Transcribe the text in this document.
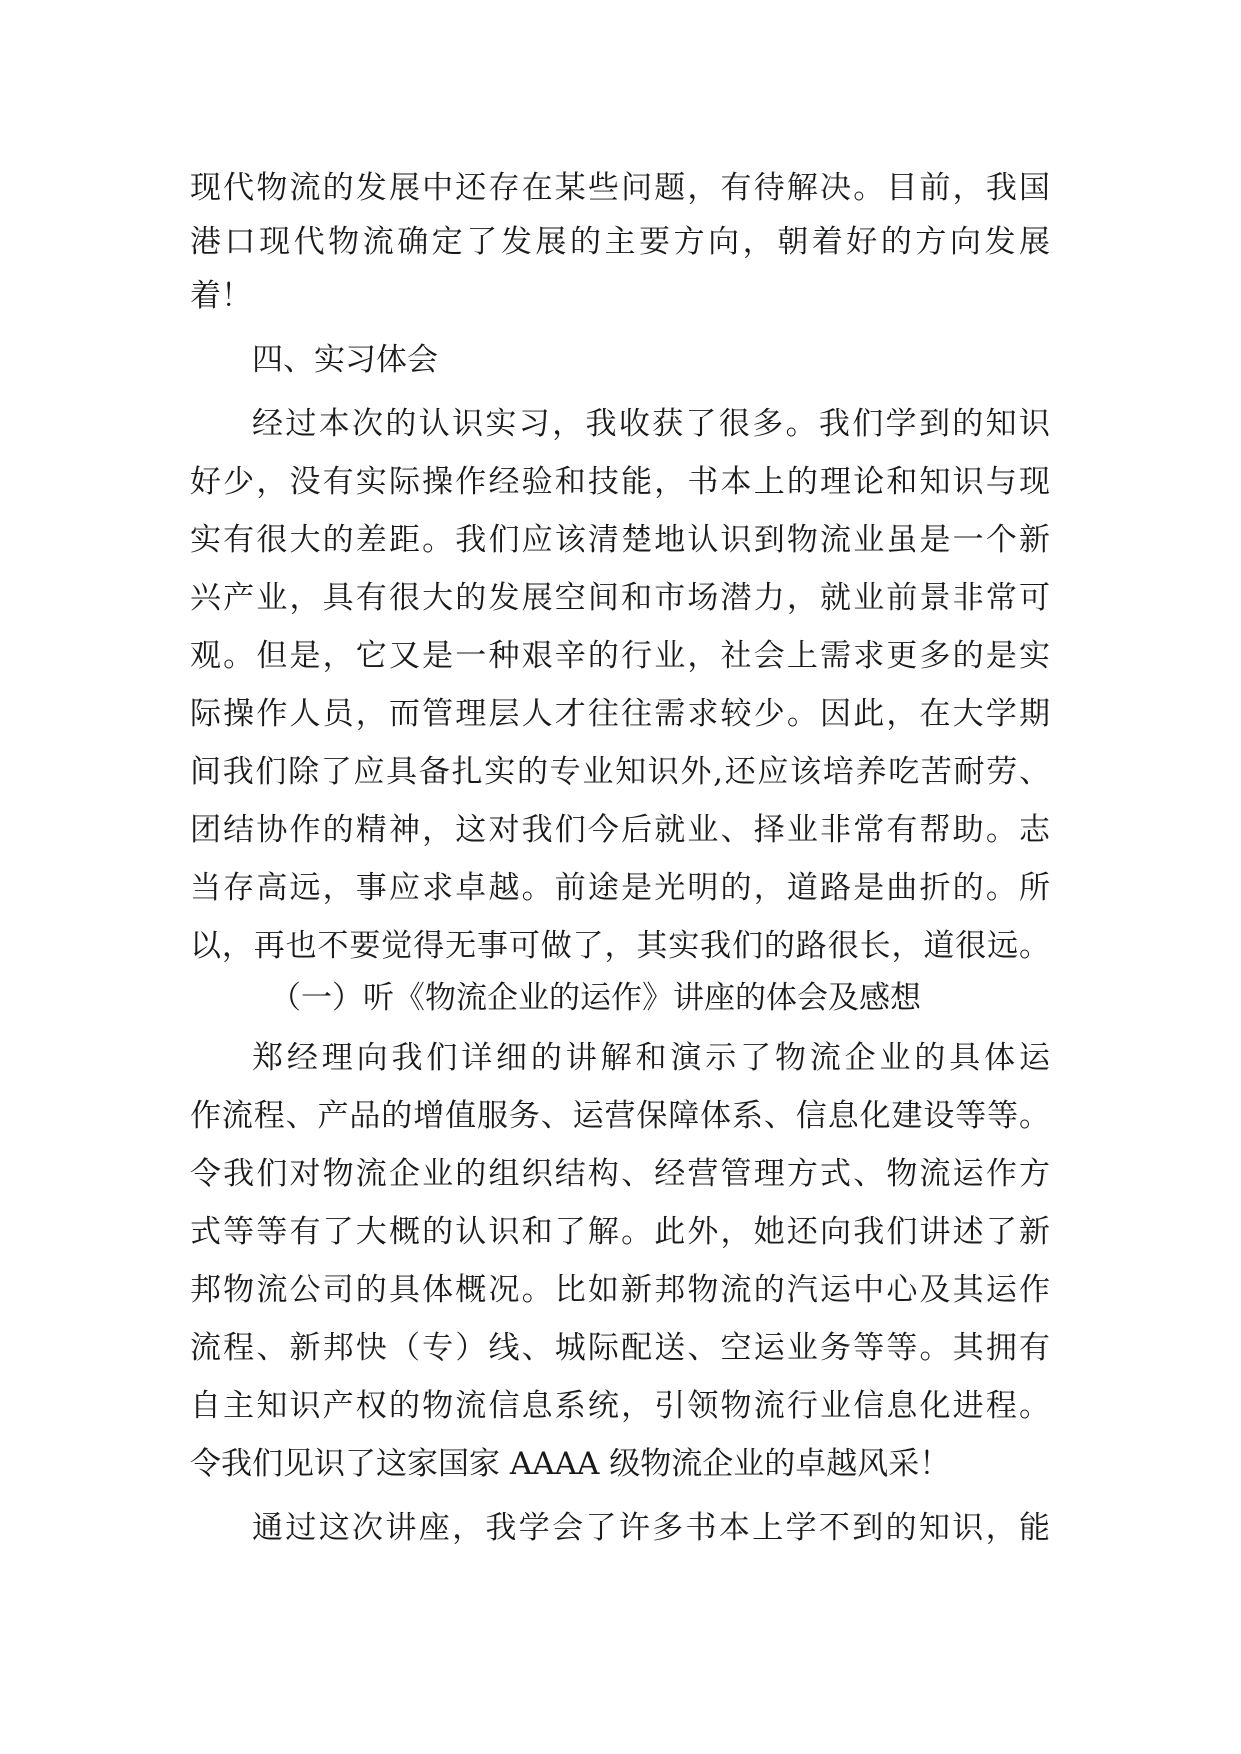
现代物流的发展中还存在某些问题，有待解决。目前，我国
港口现代物流确定了发展的主要方向，朝着好的方向发展
着！
四、实习体会
经过本次的认识实习，我收获了很多。我们学到的知识
好少，没有实际操作经验和技能，书本上的理论和知识与现
实有很大的差距。我们应该清楚地认识到物流业虽是一个新
兴产业，具有很大的发展空间和市场潜力，就业前景非常可
观。但是，它又是一种艰辛的行业，社会上需求更多的是实
际操作人员，而管理层人才往往需求较少。因此，在大学期
间我们除了应具备扎实的专业知识外,还应该培养吃苦耐劳、
团结协作的精神，这对我们今后就业、择业非常有帮助。志
当存高远，事应求卓越。前途是光明的，道路是曲折的。所
以，再也不要觉得无事可做了，其实我们的路很长，道很远。
（一）听《物流企业的运作》讲座的体会及感想
郑经理向我们详细的讲解和演示了物流企业的具体运
作流程、产品的增值服务、运营保障体系、信息化建设等等。
令我们对物流企业的组织结构、经营管理方式、物流运作方
式等等有了大概的认识和了解。此外，她还向我们讲述了新
邦物流公司的具体概况。比如新邦物流的汽运中心及其运作
流程、新邦快（专）线、城际配送、空运业务等等。其拥有
自主知识产权的物流信息系统，引领物流行业信息化进程。
令我们见识了这家国家 AAAA 级物流企业的卓越风采！
通过这次讲座，我学会了许多书本上学不到的知识，能
